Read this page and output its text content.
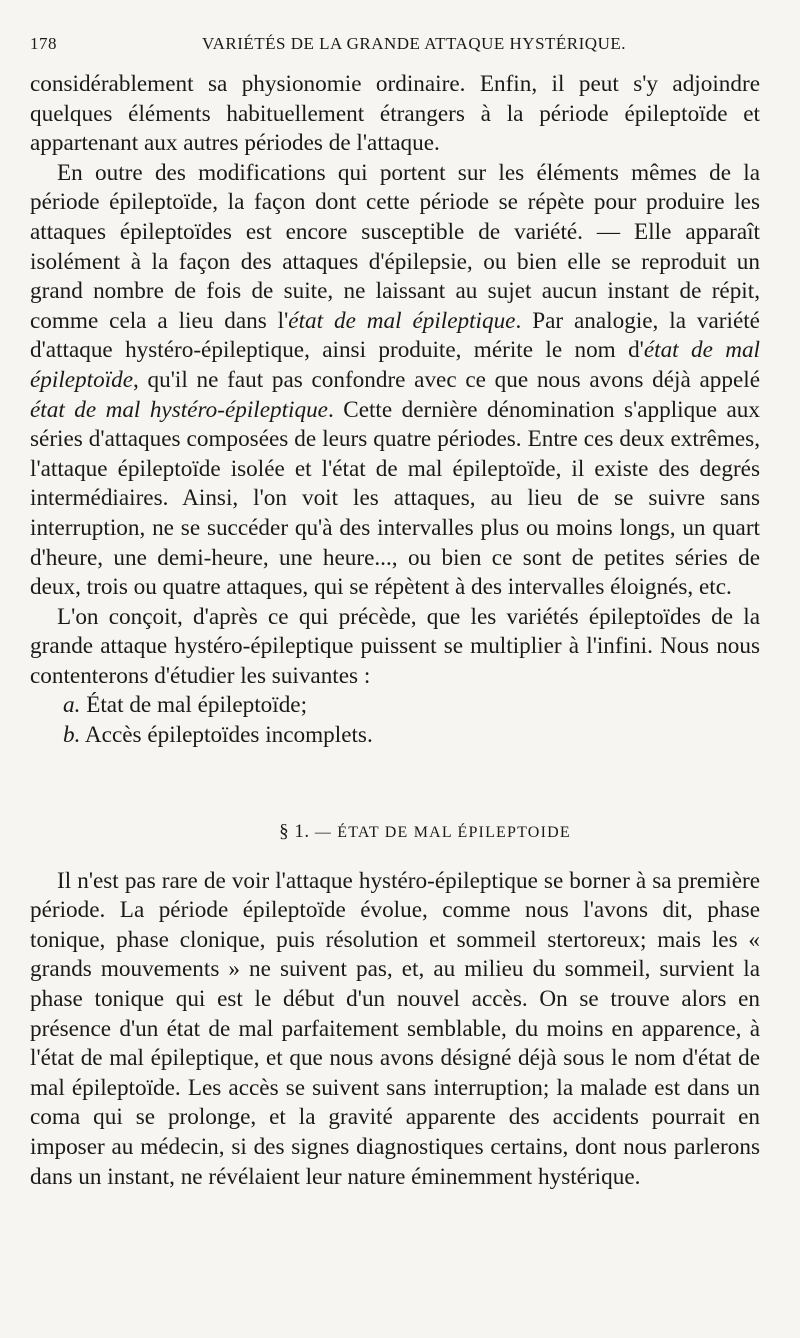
178	VARIÉTÉS DE LA GRANDE ATTAQUE HYSTÉRIQUE.

considérablement sa physionomie ordinaire. Enfin, il peut s'y adjoindre quelques éléments habituellement étrangers à la période épileptoïde et appartenant aux autres périodes de l'attaque.

En outre des modifications qui portent sur les éléments mêmes de la période épileptoïde, la façon dont cette période se répète pour produire les attaques épileptoïdes est encore susceptible de variété. — Elle apparaît isolément à la façon des attaques d'épilepsie, ou bien elle se reproduit un grand nombre de fois de suite, ne laissant au sujet aucun instant de répit, comme cela a lieu dans l'état de mal épileptique. Par analogie, la variété d'attaque hystéro-épileptique, ainsi produite, mérite le nom d'état de mal épileptoïde, qu'il ne faut pas confondre avec ce que nous avons déjà appelé état de mal hystéro-épileptique. Cette dernière dénomination s'applique aux séries d'attaques composées de leurs quatre périodes. Entre ces deux extrêmes, l'attaque épileptoïde isolée et l'état de mal épileptoïde, il existe des degrés intermédiaires. Ainsi, l'on voit les attaques, au lieu de se suivre sans interruption, ne se succéder qu'à des intervalles plus ou moins longs, un quart d'heure, une demi-heure, une heure..., ou bien ce sont de petites séries de deux, trois ou quatre attaques, qui se répètent à des intervalles éloignés, etc.

L'on conçoit, d'après ce qui précède, que les variétés épileptoïdes de la grande attaque hystéro-épileptique puissent se multiplier à l'infini. Nous nous contenterons d'étudier les suivantes :

a. État de mal épileptoïde;

b. Accès épileptoïdes incomplets.

§ 1. — ÉTAT DE MAL ÉPILEPTOIDE

Il n'est pas rare de voir l'attaque hystéro-épileptique se borner à sa première période. La période épileptoïde évolue, comme nous l'avons dit, phase tonique, phase clonique, puis résolution et sommeil stertoreux; mais les « grands mouvements » ne suivent pas, et, au milieu du sommeil, survient la phase tonique qui est le début d'un nouvel accès. On se trouve alors en présence d'un état de mal parfaitement semblable, du moins en apparence, à l'état de mal épileptique, et que nous avons désigné déjà sous le nom d'état de mal épileptoïde. Les accès se suivent sans interruption; la malade est dans un coma qui se prolonge, et la gravité apparente des accidents pourrait en imposer au médecin, si des signes diagnostiques certains, dont nous parlerons dans un instant, ne révélaient leur nature éminemment hystérique.
